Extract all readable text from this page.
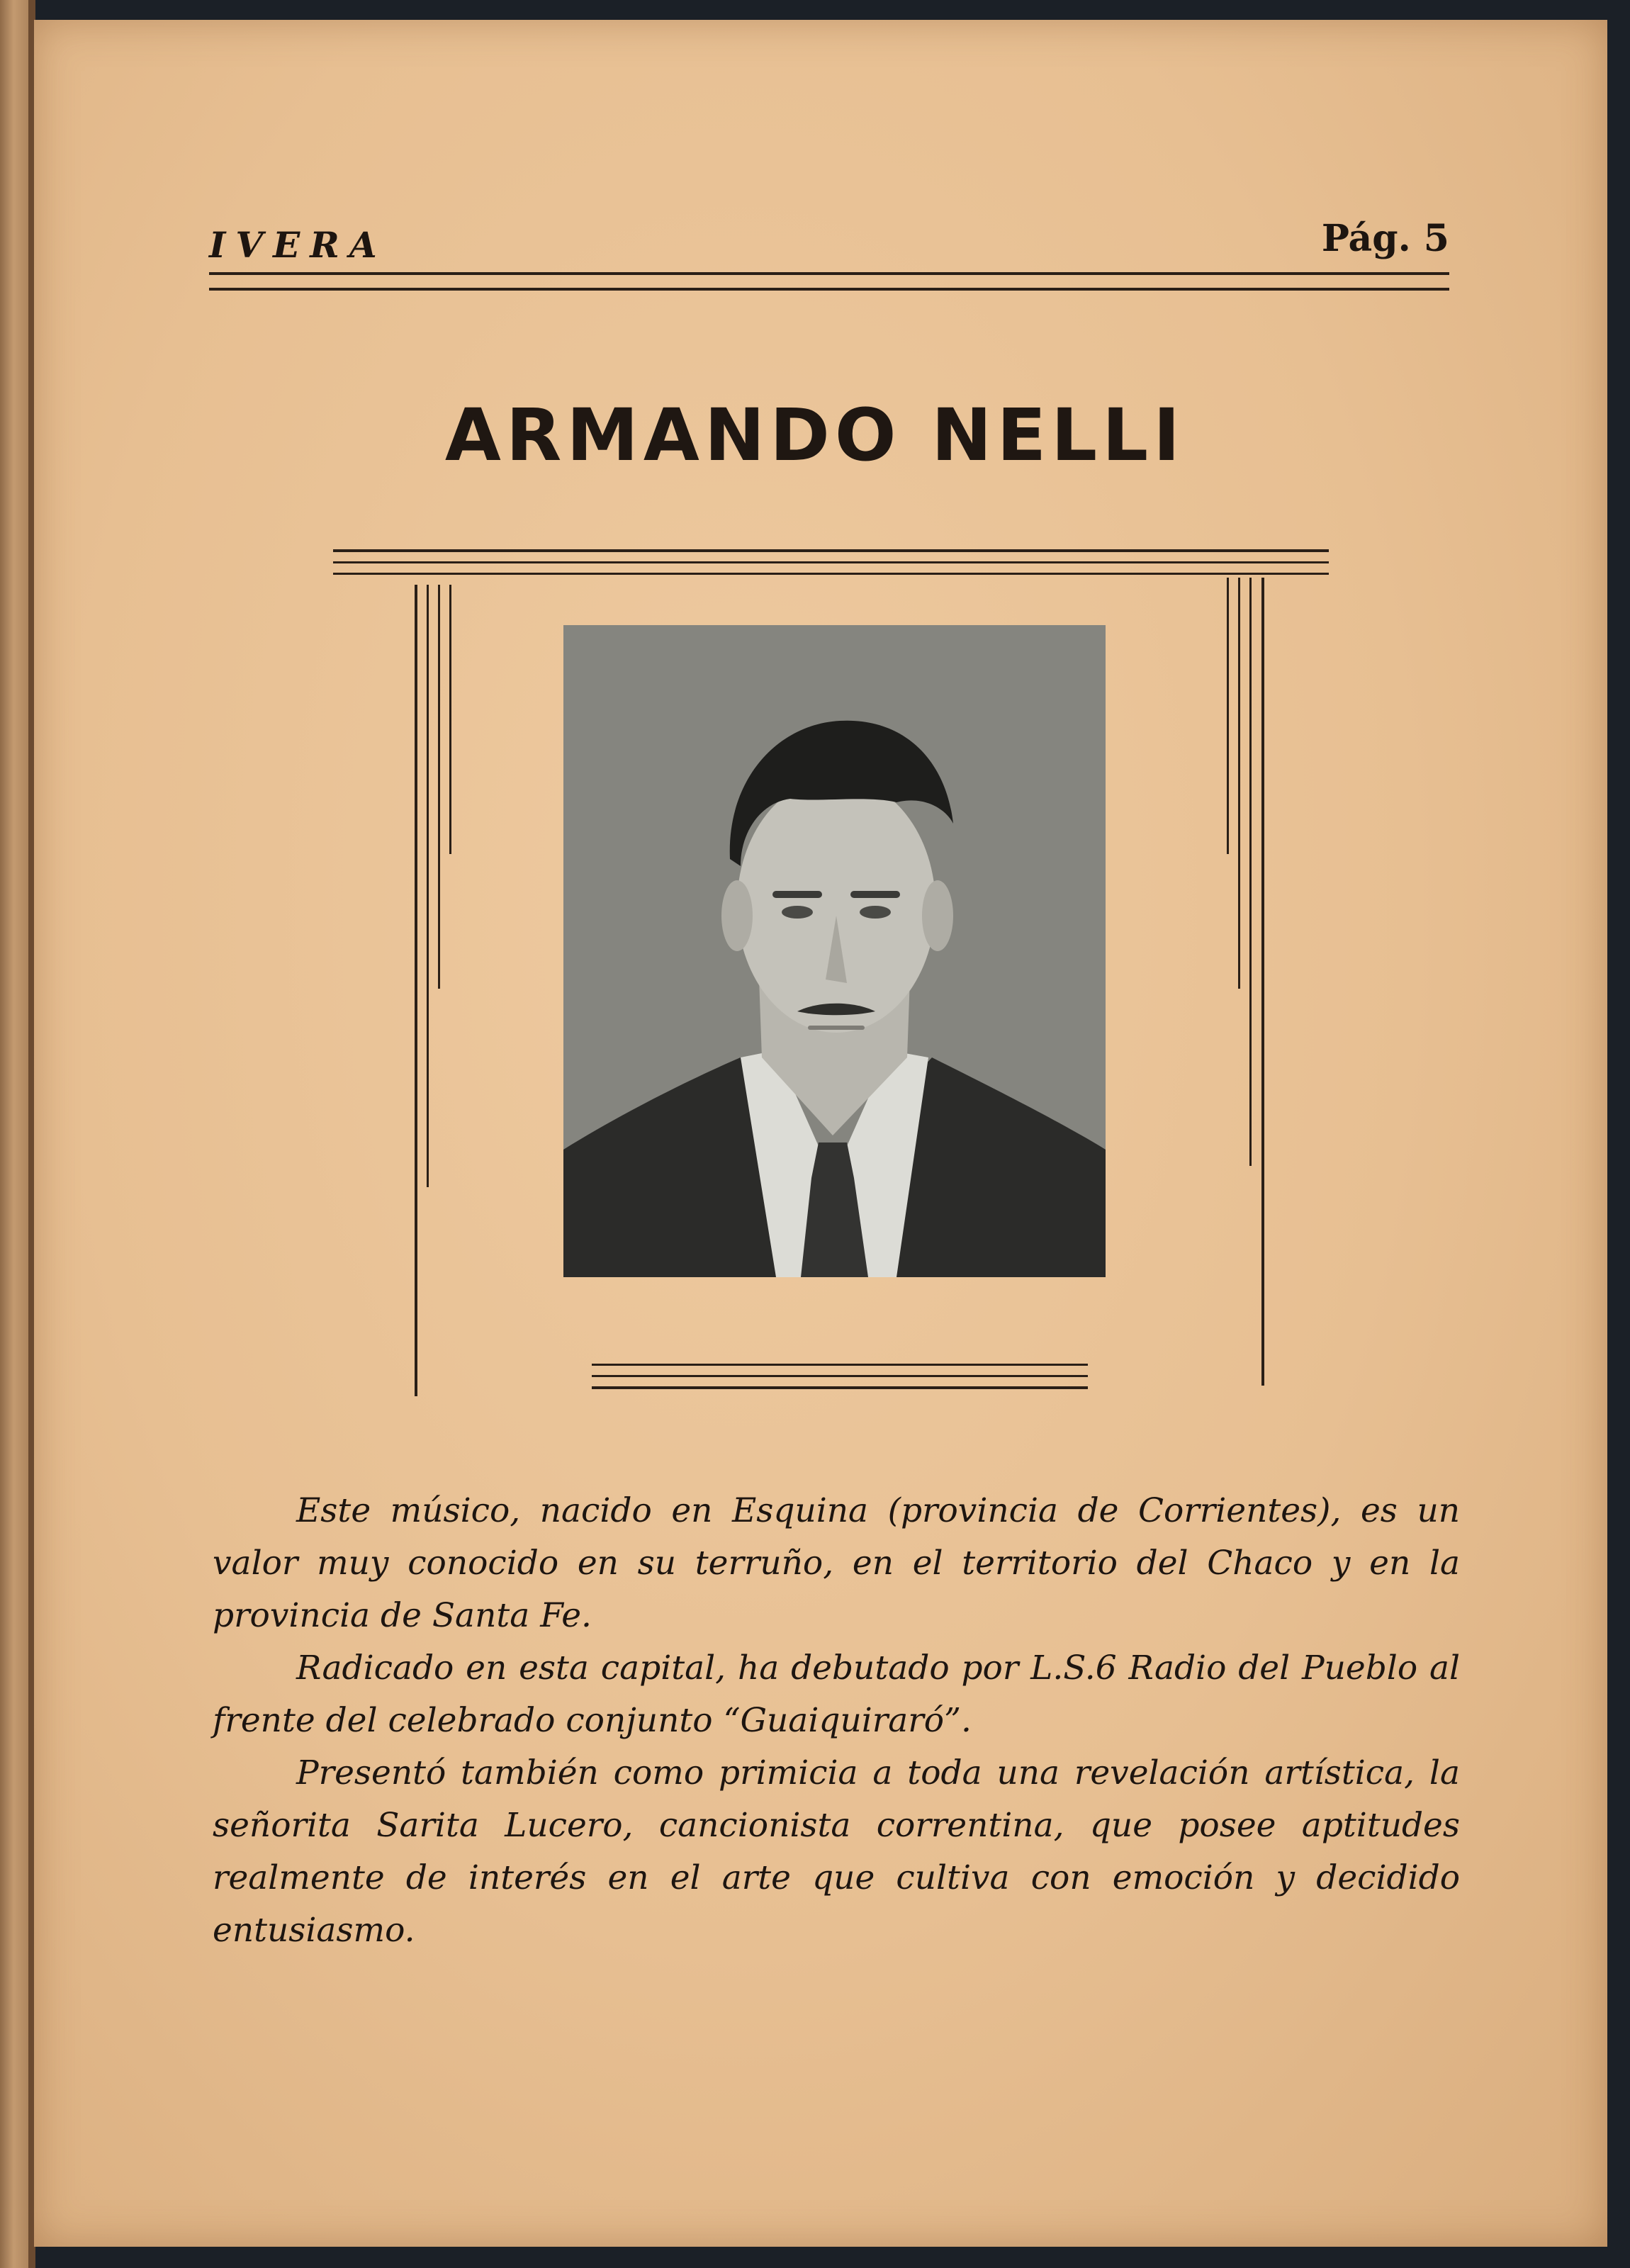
IVERA	Pág. 5
ARMANDO NELLI

Este músico, nacido en Esquina (provincia de Corrientes), es un valor muy conocido en su terruño, en el territorio del Chaco y en la provincia de Santa Fe.

Radicado en esta capital, ha debutado por L.S.6 Radio del Pueblo al frente del celebrado conjunto “Guaiquiraró”.

Presentó también como primicia a toda una revelación artística, la señorita Sarita Lucero, cancionista correntina, que posee aptitudes realmente de interés en el arte que cultiva con emoción y decidido entusiasmo.
